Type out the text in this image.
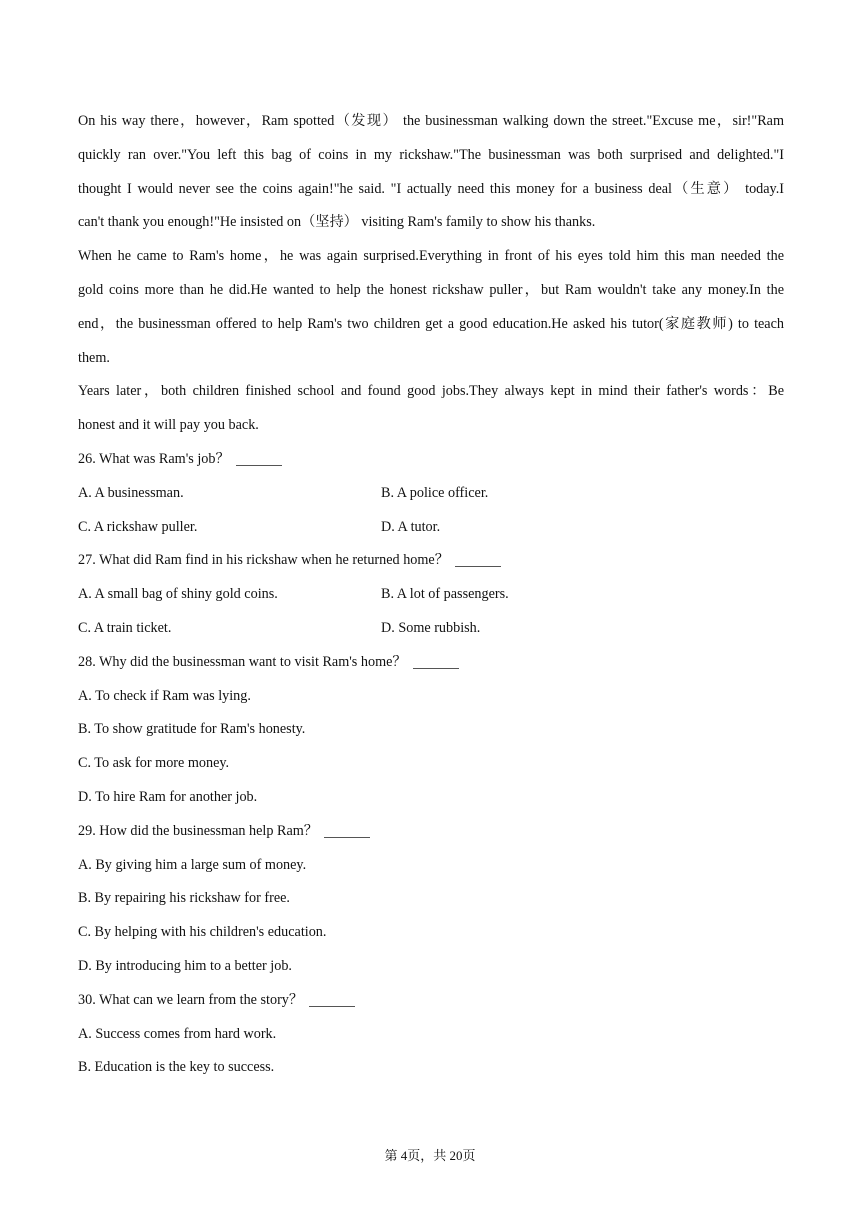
On his way there，however，Ram spotted（发现） the businessman walking down the street."Excuse me，sir!"Ram
quickly ran over."You left this bag of coins in my rickshaw."The businessman was both surprised and delighted."I
thought I would never see the coins again!"he said. "I actually need this money for a business deal（生意） today.I
can't thank you enough!"He insisted on（坚持） visiting Ram's family to show his thanks.
When he came to Ram's home，he was again surprised.Everything in front of his eyes told him this man needed the
gold coins more than he did.He wanted to help the honest rickshaw puller，but Ram wouldn't take any money.In the
end，the businessman offered to help Ram's two children get a good education.He asked his tutor(家庭教师) to teach
them.
Years later，both children finished school and found good jobs.They always kept in mind their father's words：Be
honest and it will pay you back.
26. What was Ram's job？
A. A businessman.	B. A police officer.
C. A rickshaw puller.	D. A tutor.
27. What did Ram find in his rickshaw when he returned home？
A. A small bag of shiny gold coins.	B. A lot of passengers.
C. A train ticket.	D. Some rubbish.
28. Why did the businessman want to visit Ram's home？
A. To check if Ram was lying.
B. To show gratitude for Ram's honesty.
C. To ask for more money.
D. To hire Ram for another job.
29. How did the businessman help Ram？
A. By giving him a large sum of money.
B. By repairing his rickshaw for free.
C. By helping with his children's education.
D. By introducing him to a better job.
30. What can we learn from the story？
A. Success comes from hard work.
B. Education is the key to success.
第 4页，共 20页
